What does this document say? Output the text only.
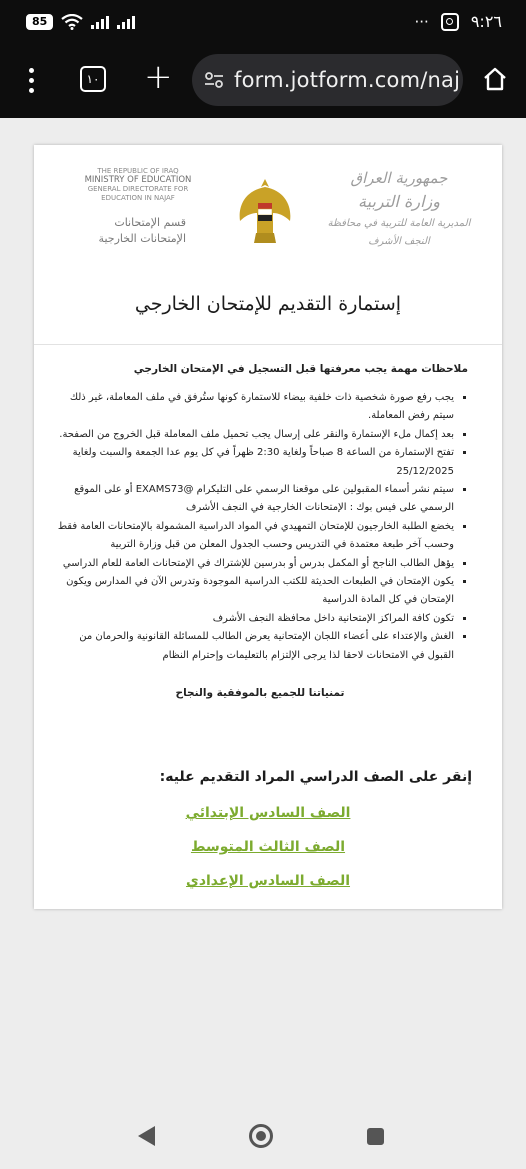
85	···	٩:٢٦
١٠ +	form.jotform.com/naj
THE REPUBLIC OF IRAQ
MINISTRY OF EDUCATION
GENERAL DIRECTORATE FOR
EDUCATION IN NAJAF
قسم الإمتحانات
الإمتحانات الخارجية
جمهورية العراق
وزارة التربية
المديرية العامة للتربية في محافظة النجف الأشرف
إستمارة التقديم للإمتحان الخارجي
ملاحظات مهمة يجب معرفتها قبل التسجيل في الإمتحان الخارجي
▪ يجب رفع صورة شخصية ذات خلفية بيضاء للاستمارة كونها ستُرفق في ملف المعاملة، غير ذلك سيتم رفض المعاملة.
▪ بعد إكمال ملء الإستمارة والنقر على إرسال يجب تحميل ملف المعاملة قبل الخروج من الصفحة.
▪ تفتح الإستمارة من الساعة 8 صباحاً ولغاية 2:30 ظهراً في كل يوم عدا الجمعة والسبت ولغاية 25/12/2025
▪ سيتم نشر أسماء المقبولين على موقعنا الرسمي على التليكرام @EXAMS73 أو على الموقع الرسمي على فيس بوك : الإمتحانات الخارجية في النجف الأشرف
▪ يخضع الطلبة الخارجيون للإمتحان التمهيدي في المواد الدراسية المشمولة بالإمتحانات العامة فقط وحسب آخر طبعة معتمدة في التدريس وحسب الجدول المعلن من قبل وزارة التربية
▪ يؤهل الطالب الناجح أو المكمل بدرس أو بدرسين للإشتراك في الإمتحانات العامة للعام الدراسي
▪ يكون الإمتحان في الطبعات الحديثة للكتب الدراسية الموجودة وتدرس الآن في المدارس ويكون الإمتحان في كل المادة الدراسية
▪ تكون كافة المراكز الإمتحانية داخل محافظة النجف الأشرف
▪ الغش والإعتداء على أعضاء اللجان الإمتحانية يعرض الطالب للمسائلة القانونية والحرمان من القبول في الامتحانات لاحقا لذا يرجى الإلتزام بالتعليمات وإحترام النظام
تمنياتنا للجميع بالموفقية والنجاح
إنقر على الصف الدراسي المراد التقديم عليه:
الصف السادس الإبتدائي
الصف الثالث المتوسط
الصف السادس الإعدادي
